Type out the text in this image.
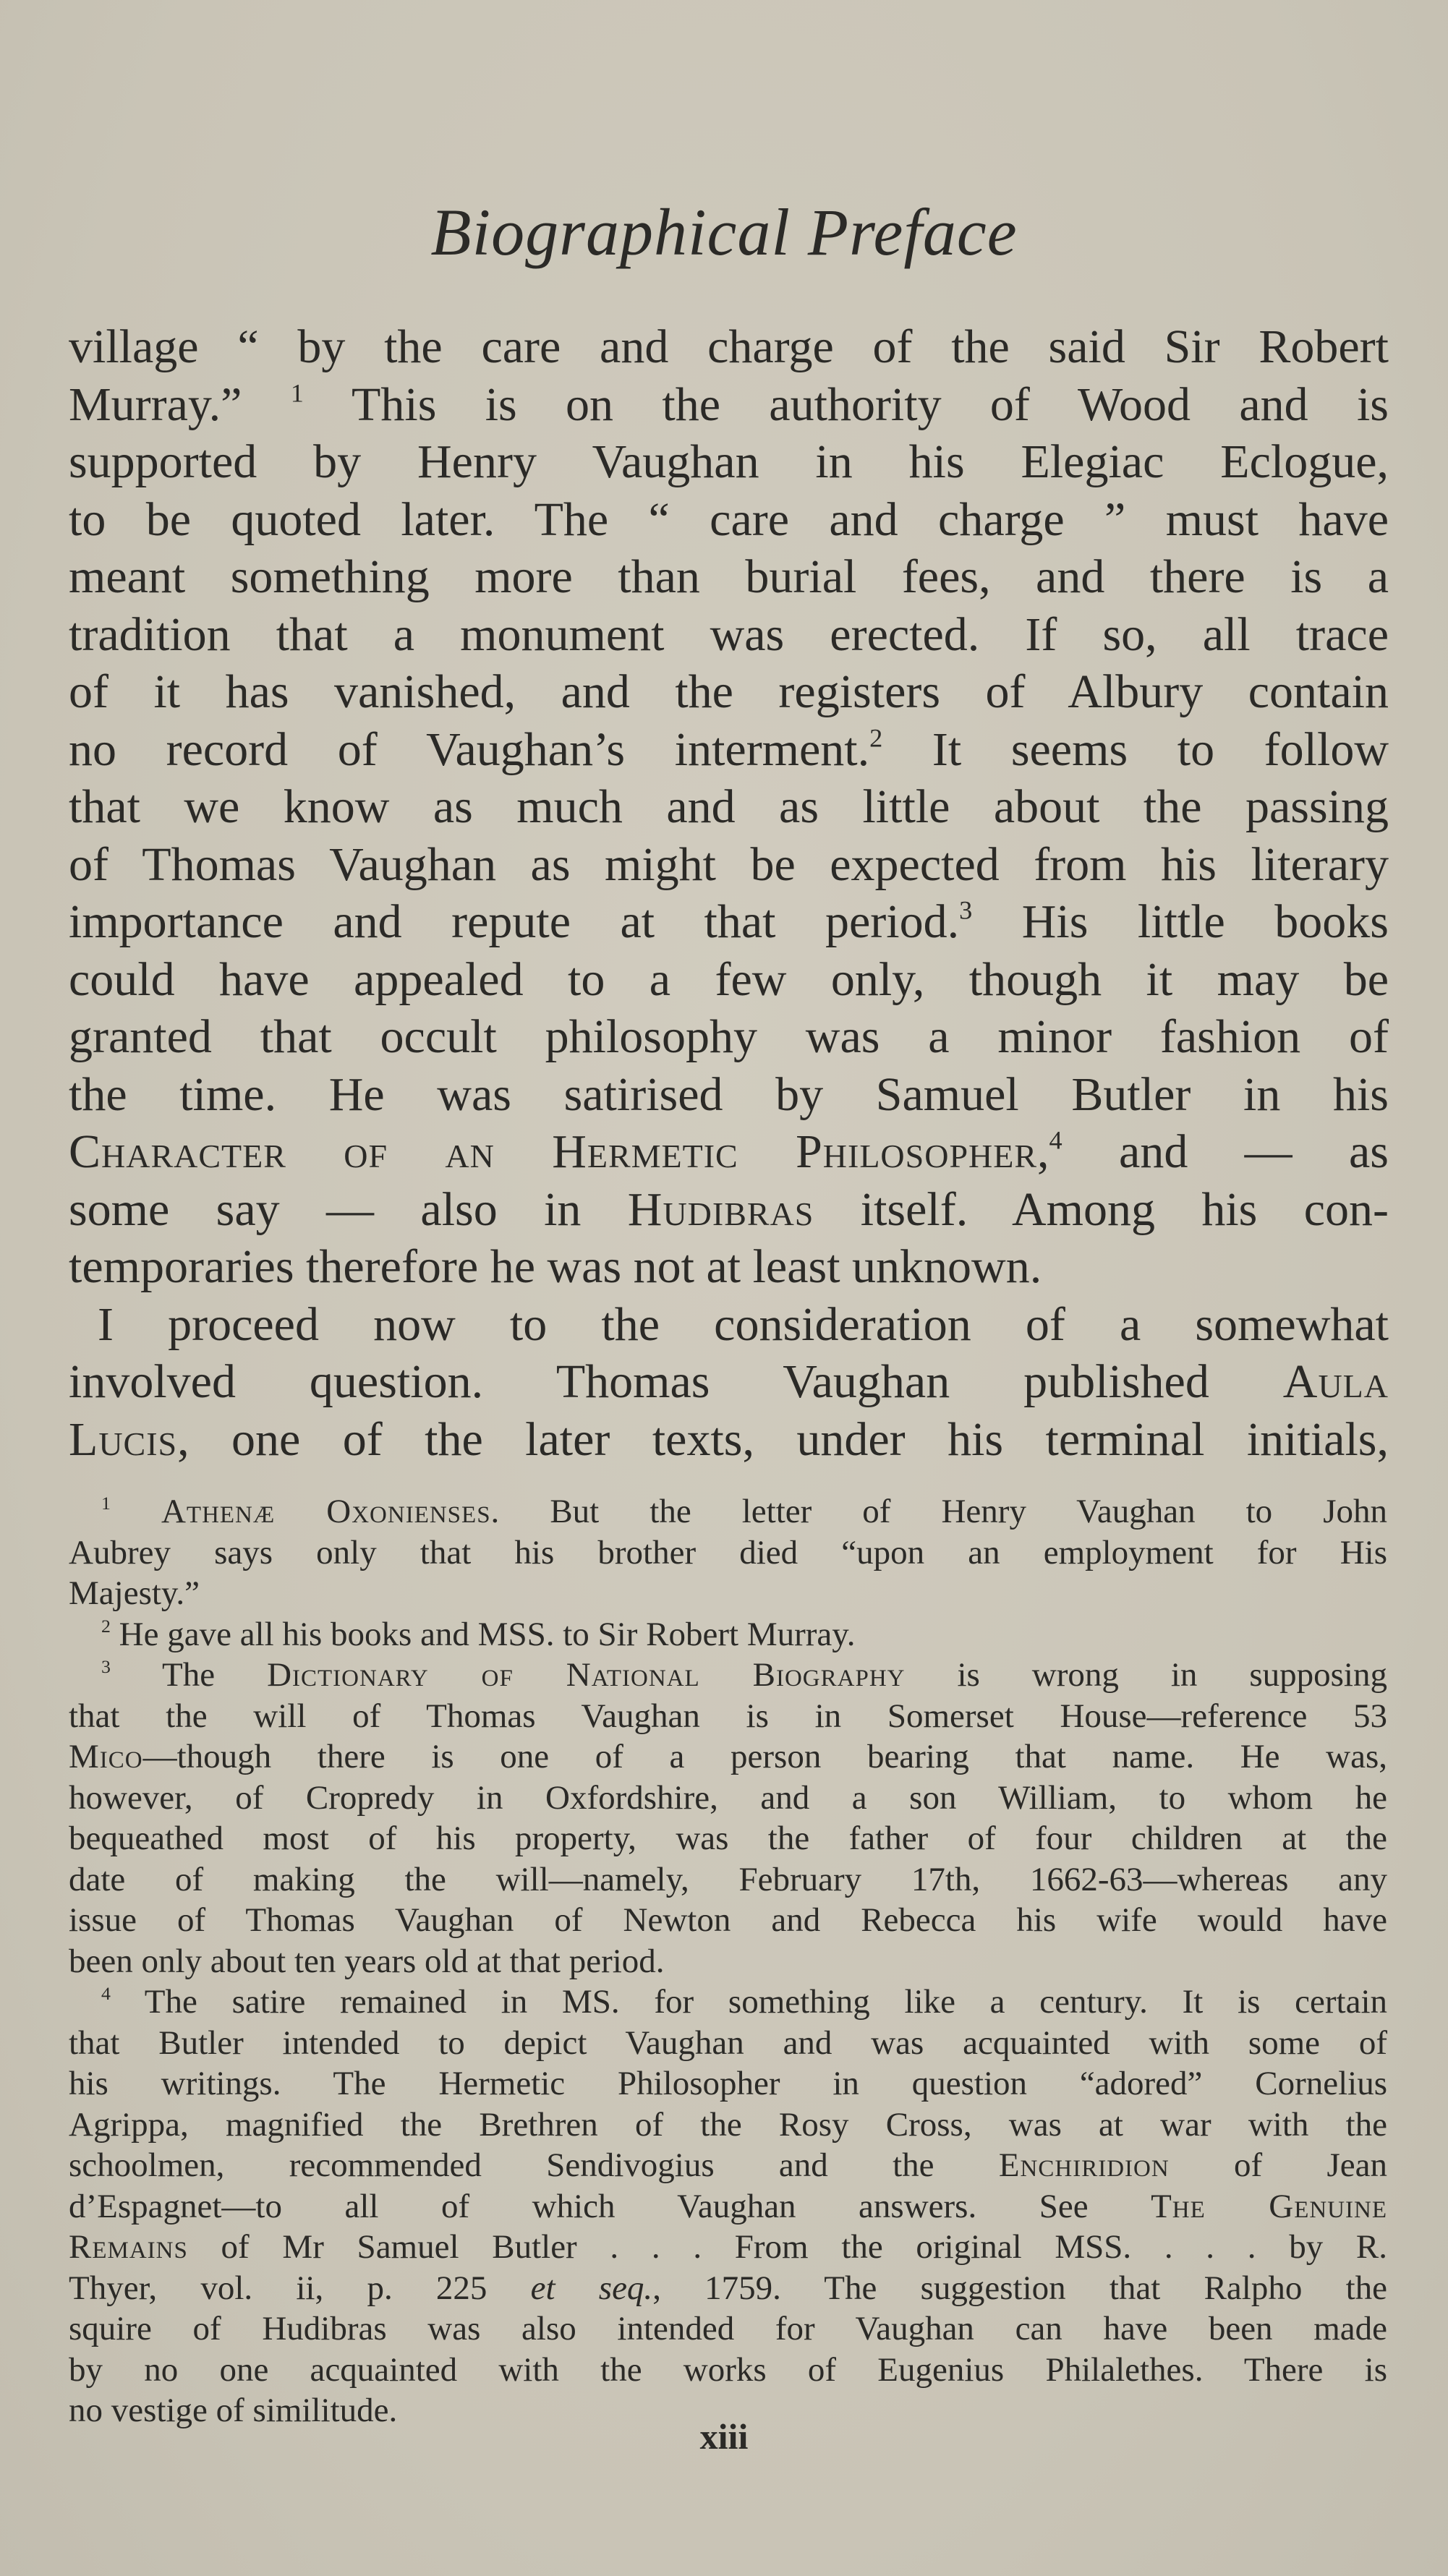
Biographical Preface
village “ by the care and charge of the said Sir Robert
Murray.” $^1$ This is on the authority of Wood and is
supported by Henry Vaughan in his Elegiac Eclogue,
to be quoted later. The “ care and charge ” must have
meant something more than burial fees, and there is a
tradition that a monument was erected. If so, all trace
of it has vanished, and the registers of Albury contain
no record of Vaughan’s interment.$^2$ It seems to follow
that we know as much and as little about the passing
of Thomas Vaughan as might be expected from his literary
importance and repute at that period.$^3$ His little books
could have appealed to a few only, though it may be
granted that occult philosophy was a minor fashion of
the time. He was satirised by Samuel Butler in his
Character of an Hermetic Philosopher,$^4$ and — as
some say — also in Hudibras itself. Among his con-
temporaries therefore he was not at least unknown.
I proceed now to the consideration of a somewhat
involved question. Thomas Vaughan published Aula
Lucis, one of the later texts, under his terminal initials,
$^1$ Athenæ Oxonienses. But the letter of Henry Vaughan to John
Aubrey says only that his brother died “upon an employment for His
Majesty.”
$^2$ He gave all his books and MSS. to Sir Robert Murray.
$^3$ The Dictionary of National Biography is wrong in supposing
that the will of Thomas Vaughan is in Somerset House—reference 53
Mico—though there is one of a person bearing that name. He was,
however, of Cropredy in Oxfordshire, and a son William, to whom he
bequeathed most of his property, was the father of four children at the
date of making the will—namely, February 17th, 1662-63—whereas any
issue of Thomas Vaughan of Newton and Rebecca his wife would have
been only about ten years old at that period.
$^4$ The satire remained in MS. for something like a century. It is certain
that Butler intended to depict Vaughan and was acquainted with some of
his writings. The Hermetic Philosopher in question “adored” Cornelius
Agrippa, magnified the Brethren of the Rosy Cross, was at war with the
schoolmen, recommended Sendivogius and the Enchiridion of Jean
d’Espagnet—to all of which Vaughan answers. See The Genuine
Remains of Mr Samuel Butler . . . From the original MSS. . . . by R.
Thyer, vol. ii, p. 225 et seq., 1759. The suggestion that Ralpho the
squire of Hudibras was also intended for Vaughan can have been made
by no one acquainted with the works of Eugenius Philalethes. There is
no vestige of similitude.
xiii
